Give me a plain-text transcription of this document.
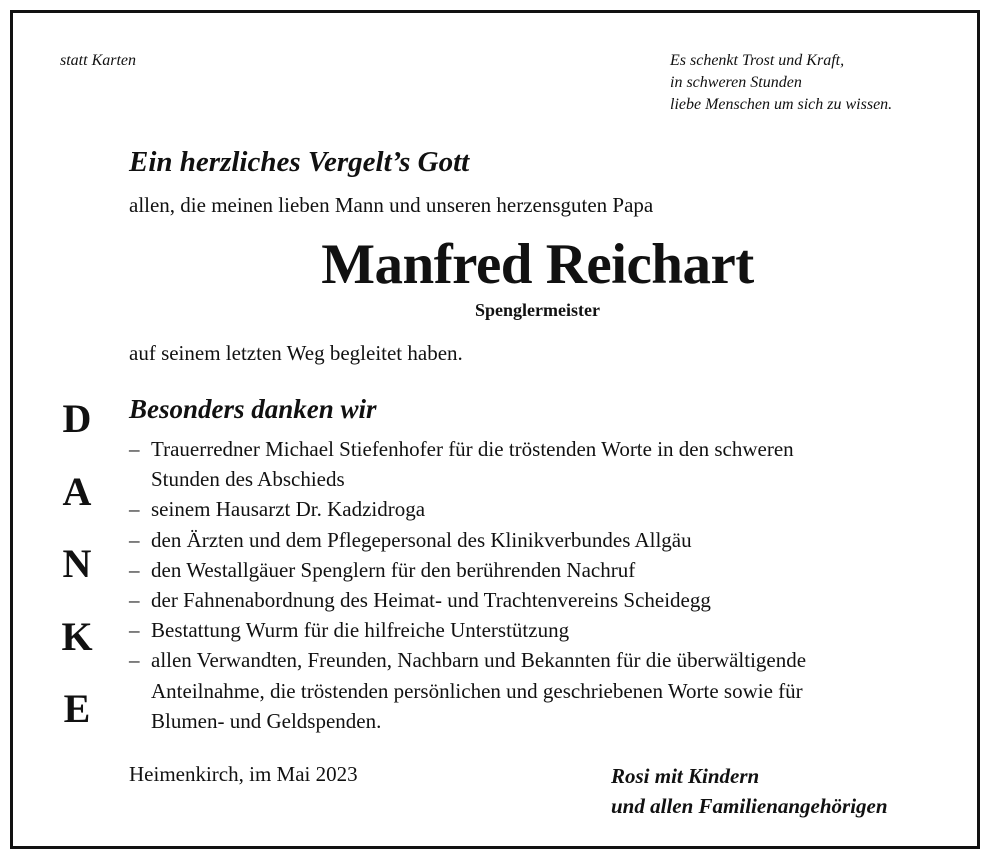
statt Karten	Es schenkt Trost und Kraft,
in schweren Stunden
liebe Menschen um sich zu wissen.
Ein herzliches Vergelt’s Gott
allen, die meinen lieben Mann und unseren herzensguten Papa
Manfred Reichart
Spenglermeister
auf seinem letzten Weg begleitet haben.
D
A
N
K
E
Besonders danken wir
– Trauerredner Michael Stiefenhofer für die tröstenden Worte in den schweren
Stunden des Abschieds
– seinem Hausarzt Dr. Kadzidroga
– den Ärzten und dem Pflegepersonal des Klinikverbundes Allgäu
– den Westallgäuer Spenglern für den berührenden Nachruf
– der Fahnenabordnung des Heimat- und Trachtenvereins Scheidegg
– Bestattung Wurm für die hilfreiche Unterstützung
– allen Verwandten, Freunden, Nachbarn und Bekannten für die überwältigende
Anteilnahme, die tröstenden persönlichen und geschriebenen Worte sowie für
Blumen- und Geldspenden.
Heimenkirch, im Mai 2023	Rosi mit Kindern
und allen Familienangehörigen
